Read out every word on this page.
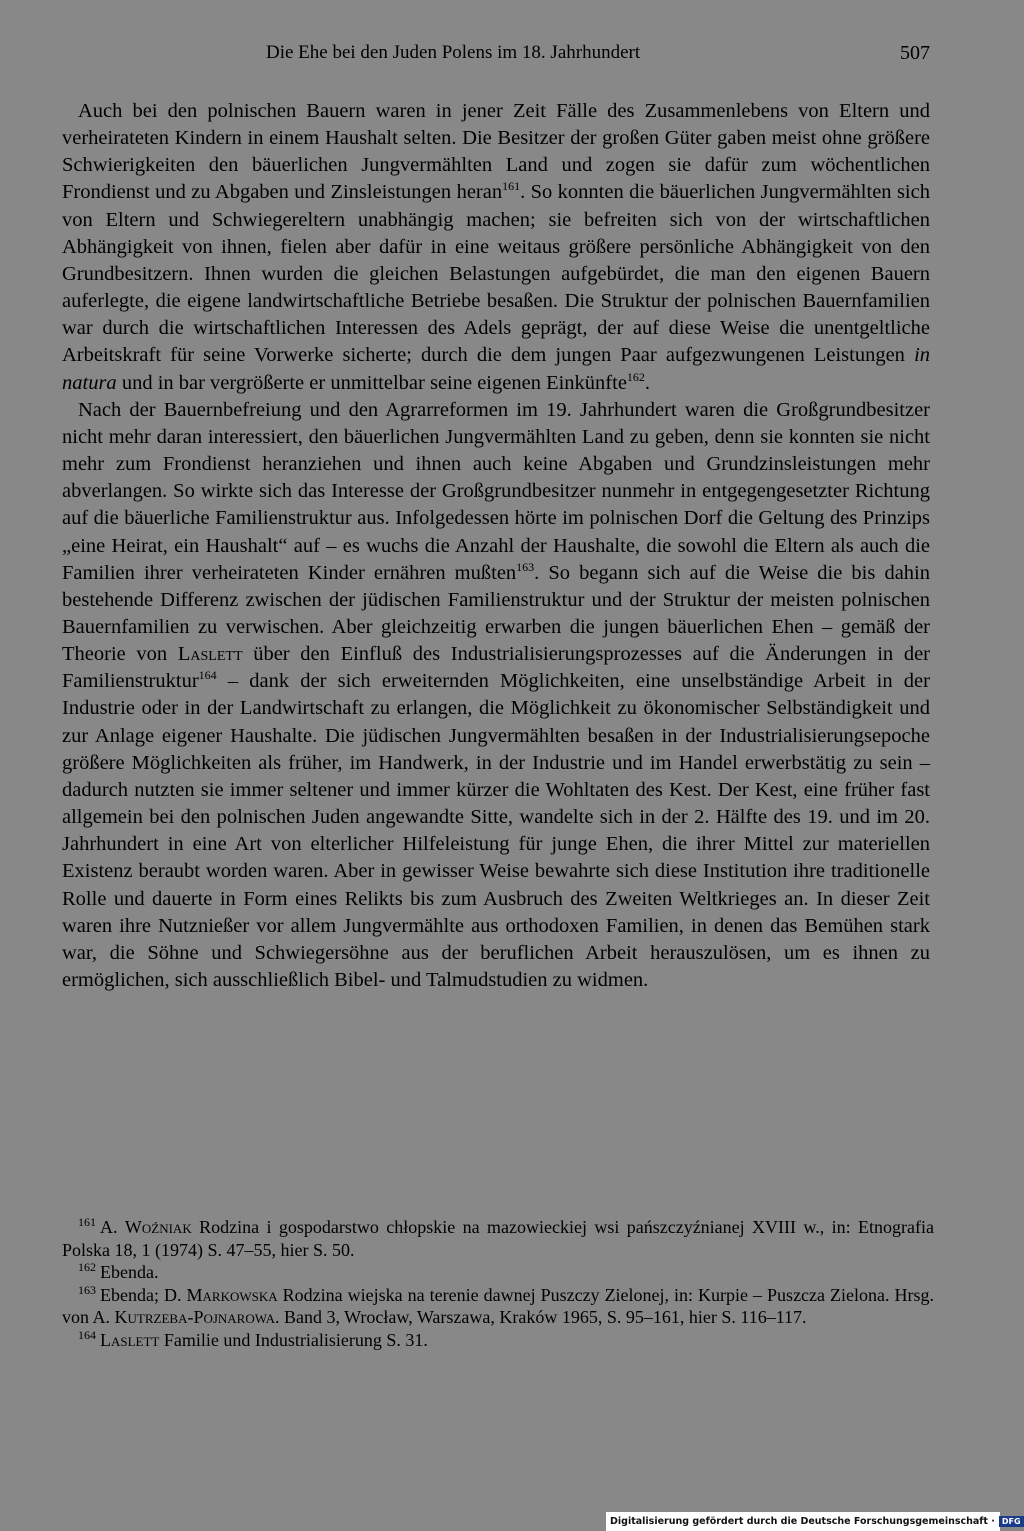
Die Ehe bei den Juden Polens im 18. Jahrhundert	507

Auch bei den polnischen Bauern waren in jener Zeit Fälle des Zusammenlebens von Eltern und verheirateten Kindern in einem Haushalt selten. Die Besitzer der großen Güter gaben meist ohne größere Schwierigkeiten den bäuerlichen Jungvermählten Land und zogen sie dafür zum wöchentlichen Frondienst und zu Abgaben und Zinsleistungen heran$^{161}$. So konnten die bäuerlichen Jungvermählten sich von Eltern und Schwiegereltern unabhängig machen; sie befreiten sich von der wirtschaftlichen Abhängigkeit von ihnen, fielen aber dafür in eine weitaus größere persönliche Abhängigkeit von den Grundbesitzern. Ihnen wurden die gleichen Belastungen aufgebürdet, die man den eigenen Bauern auferlegte, die eigene landwirtschaftliche Betriebe besaßen. Die Struktur der polnischen Bauernfamilien war durch die wirtschaftlichen Interessen des Adels geprägt, der auf diese Weise die unentgeltliche Arbeitskraft für seine Vorwerke sicherte; durch die dem jungen Paar aufgezwungenen Leistungen in natura und in bar vergrößerte er unmittelbar seine eigenen Einkünfte$^{162}$.

Nach der Bauernbefreiung und den Agrarreformen im 19. Jahrhundert waren die Großgrundbesitzer nicht mehr daran interessiert, den bäuerlichen Jungvermählten Land zu geben, denn sie konnten sie nicht mehr zum Frondienst heranziehen und ihnen auch keine Abgaben und Grundzinsleistungen mehr abverlangen. So wirkte sich das Interesse der Großgrundbesitzer nunmehr in entgegengesetzter Richtung auf die bäuerliche Familienstruktur aus. Infolgedessen hörte im polnischen Dorf die Geltung des Prinzips „eine Heirat, ein Haushalt“ auf – es wuchs die Anzahl der Haushalte, die sowohl die Eltern als auch die Familien ihrer verheirateten Kinder ernähren mußten$^{163}$. So begann sich auf die Weise die bis dahin bestehende Differenz zwischen der jüdischen Familienstruktur und der Struktur der meisten polnischen Bauernfamilien zu verwischen. Aber gleichzeitig erwarben die jungen bäuerlichen Ehen – gemäß der Theorie von Laslett über den Einfluß des Industrialisierungsprozesses auf die Änderungen in der Familienstruktur$^{164}$ – dank der sich erweiternden Möglichkeiten, eine unselbständige Arbeit in der Industrie oder in der Landwirtschaft zu erlangen, die Möglichkeit zu ökonomischer Selbständigkeit und zur Anlage eigener Haushalte. Die jüdischen Jungvermählten besaßen in der Industrialisierungsepoche größere Möglichkeiten als früher, im Handwerk, in der Industrie und im Handel erwerbstätig zu sein – dadurch nutzten sie immer seltener und immer kürzer die Wohltaten des Kest. Der Kest, eine früher fast allgemein bei den polnischen Juden angewandte Sitte, wandelte sich in der 2. Hälfte des 19. und im 20. Jahrhundert in eine Art von elterlicher Hilfeleistung für junge Ehen, die ihrer Mittel zur materiellen Existenz beraubt worden waren. Aber in gewisser Weise bewahrte sich diese Institution ihre traditionelle Rolle und dauerte in Form eines Relikts bis zum Ausbruch des Zweiten Weltkrieges an. In dieser Zeit waren ihre Nutznießer vor allem Jungvermählte aus orthodoxen Familien, in denen das Bemühen stark war, die Söhne und Schwiegersöhne aus der beruflichen Arbeit herauszulösen, um es ihnen zu ermöglichen, sich ausschließlich Bibel- und Talmudstudien zu widmen.

$^{161}$ A. Woźniak Rodzina i gospodarstwo chłopskie na mazowieckiej wsi pańszczyźnianej XVIII w., in: Etnografia Polska 18, 1 (1974) S. 47–55, hier S. 50.

$^{162}$ Ebenda.

$^{163}$ Ebenda; D. Markowska Rodzina wiejska na terenie dawnej Puszczy Zielonej, in: Kurpie – Puszcza Zielona. Hrsg. von A. Kutrzeba-Pojnarowa. Band 3, Wrocław, Warszawa, Kraków 1965, S. 95–161, hier S. 116–117.

$^{164}$ Laslett Familie und Industrialisierung S. 31.

Digitalisierung gefördert durch die Deutsche Forschungsgemeinschaft · DFG
